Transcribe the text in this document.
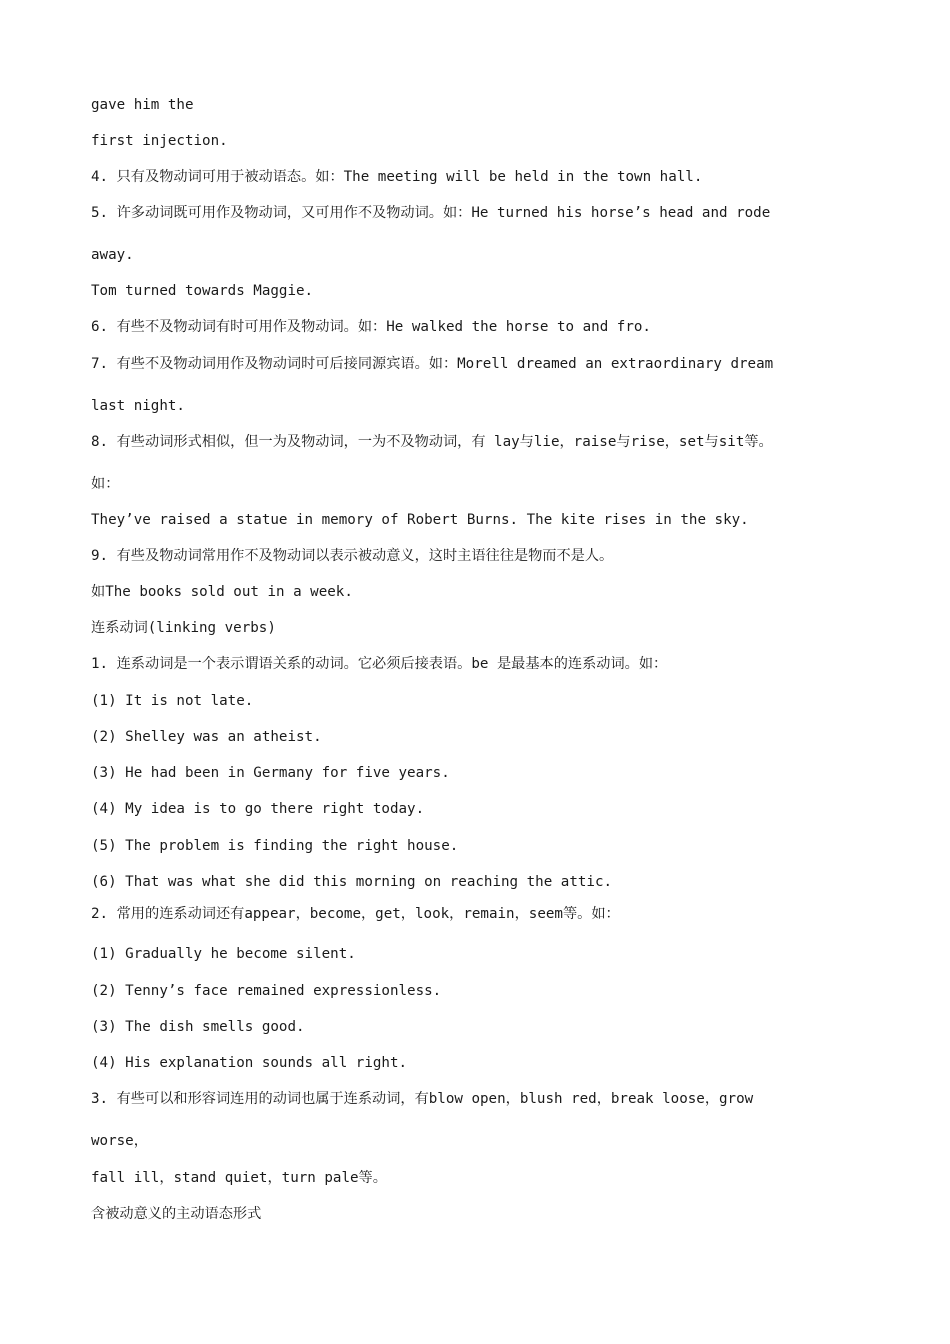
gave him the
first injection.
4. 只有及物动词可用于被动语态。如：The meeting will be held in the town hall.
5. 许多动词既可用作及物动词，又可用作不及物动词。如：He turned his horse’s head and rode
away.
Tom turned towards Maggie.
6. 有些不及物动词有时可用作及物动词。如：He walked the horse to and fro.
7. 有些不及物动词用作及物动词时可后接同源宾语。如：Morell dreamed an extraordinary dream
last night.
8. 有些动词形式相似，但一为及物动词，一为不及物动词，有 lay与lie，raise与rise，set与sit等。
如：
They’ve raised a statue in memory of Robert Burns. The kite rises in the sky.
9. 有些及物动词常用作不及物动词以表示被动意义，这时主语往往是物而不是人。
如The books sold out in a week.
连系动词(linking verbs)
1. 连系动词是一个表示谓语关系的动词。它必须后接表语。be 是最基本的连系动词。如：
(1) It is not late.
(2) Shelley was an atheist.
(3) He had been in Germany for five years.
(4) My idea is to go there right today.
(5) The problem is finding the right house.
(6) That was what she did this morning on reaching the attic.
2. 常用的连系动词还有appear，become，get，look，remain，seem等。如：
(1) Gradually he become silent.
(2) Tenny’s face remained expressionless.
(3) The dish smells good.
(4) His explanation sounds all right.
3. 有些可以和形容词连用的动词也属于连系动词，有blow open，blush red，break loose，grow
worse，
fall ill，stand quiet，turn pale等。
含被动意义的主动语态形式
